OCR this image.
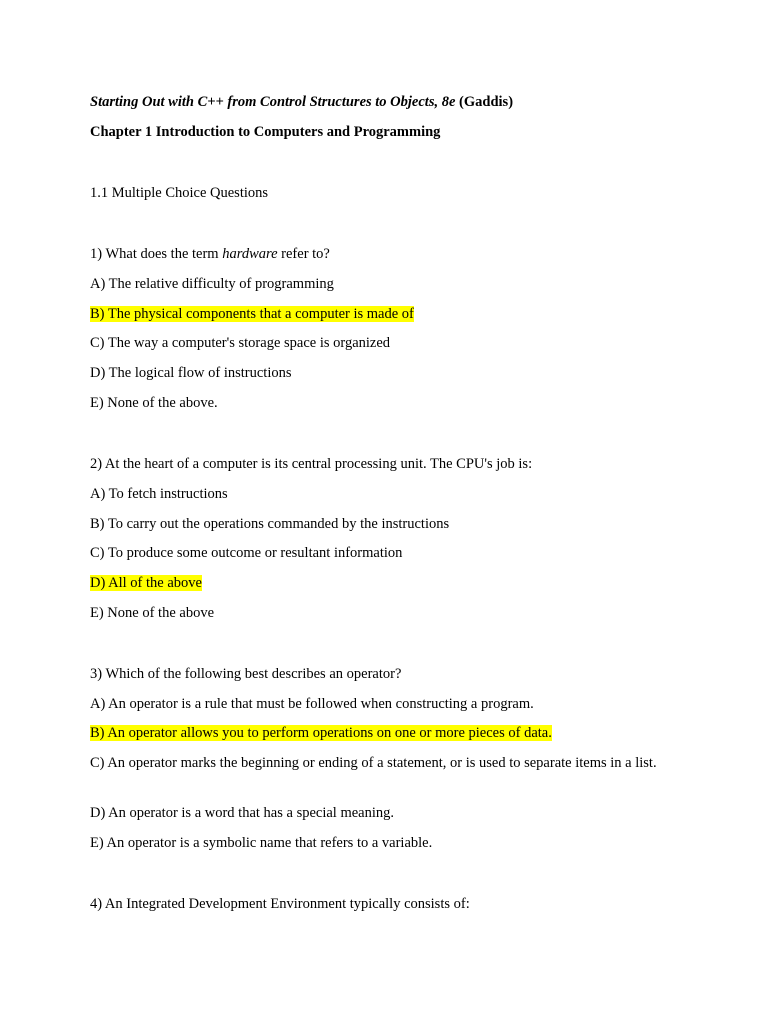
Starting Out with C++ from Control Structures to Objects, 8e (Gaddis)
Chapter 1 Introduction to Computers and Programming
1.1 Multiple Choice Questions
1) What does the term hardware refer to?
A) The relative difficulty of programming
B) The physical components that a computer is made of
C) The way a computer's storage space is organized
D) The logical flow of instructions
E) None of the above.
2) At the heart of a computer is its central processing unit. The CPU's job is:
A) To fetch instructions
B) To carry out the operations commanded by the instructions
C) To produce some outcome or resultant information
D) All of the above
E) None of the above
3) Which of the following best describes an operator?
A) An operator is a rule that must be followed when constructing a program.
B) An operator allows you to perform operations on one or more pieces of data.
C) An operator marks the beginning or ending of a statement, or is used to separate items in a list.
D) An operator is a word that has a special meaning.
E) An operator is a symbolic name that refers to a variable.
4) An Integrated Development Environment typically consists of:
